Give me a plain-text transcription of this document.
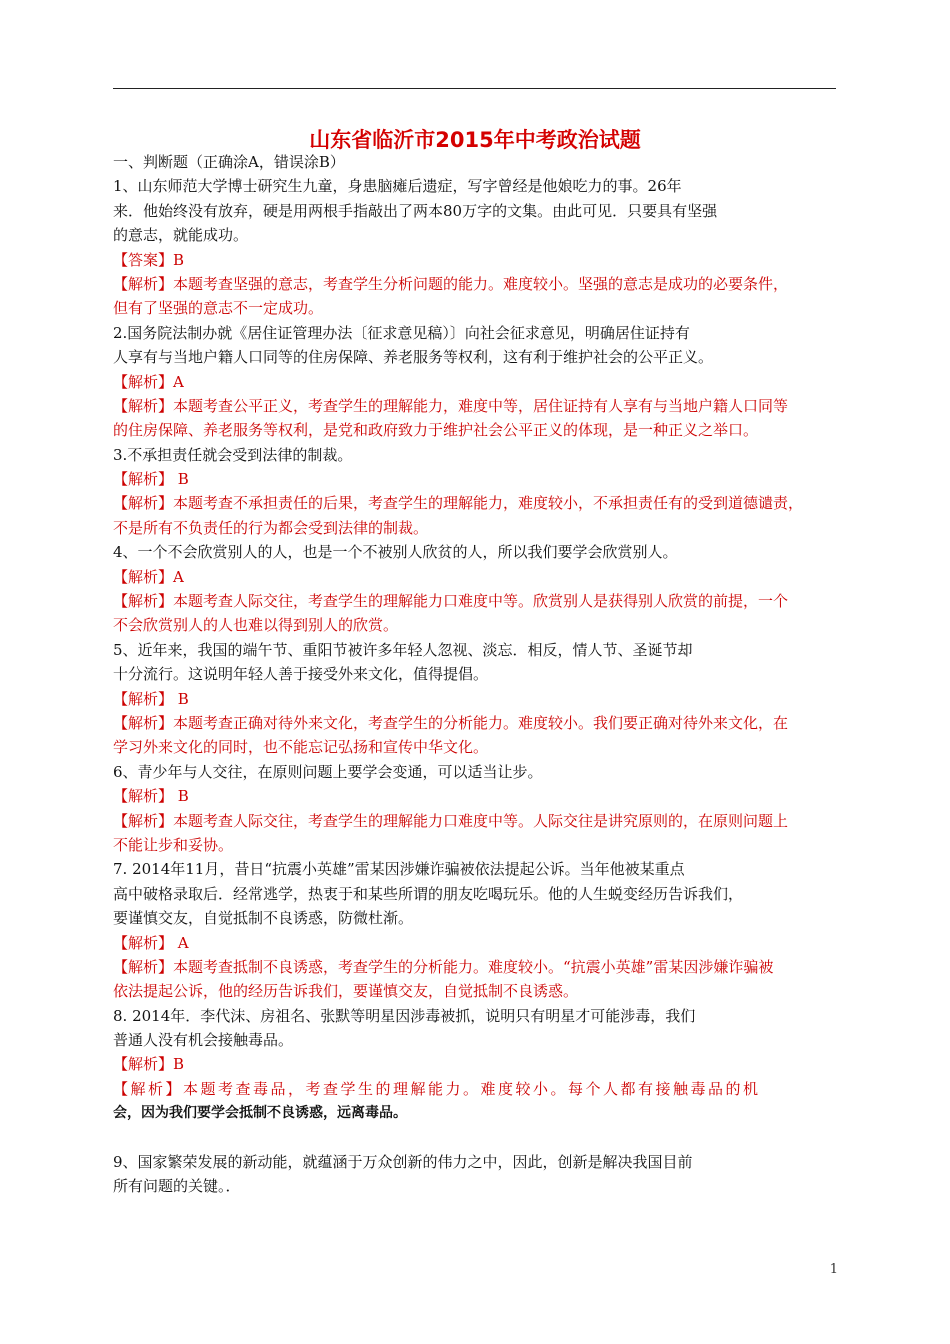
山东省临沂市2015年中考政治试题
一、判断题（正确涂A，错误涂B）
1、山东师范大学博士研究生九童，身患脑瘫后遗症，写字曾经是他娘吃力的事。26年
来．他始终没有放弃，硬是用两根手指敲出了两本80万字的文集。由此可见．只要具有坚强
的意志，就能成功。
【答案】B
【解析】本题考查坚强的意志，考查学生分析问题的能力。难度较小。坚强的意志是成功的必要条件，
但有了坚强的意志不一定成功。
2.国务院法制办就《居住证管理办法〔征求意见稿）〕向社会征求意见，明确居住证持有
人享有与当地户籍人口同等的住房保障、养老服务等权利，这有利于维护社会的公平正义。
【解析】A
【解析】本题考查公平正义，考查学生的理解能力，难度中等，居住证持有人享有与当地户籍人口同等
的住房保障、养老服务等权利，是党和政府致力于维护社会公平正义的体现，是一种正义之举口。
3.不承担责任就会受到法律的制裁。
【解析】 B
【解析】本题考查不承担责任的后果，考查学生的理解能力，难度较小，不承担责任有的受到道德谴责，
不是所有不负责任的行为都会受到法律的制裁。
4、一个不会欣赏别人的人，也是一个不被别人欣贫的人，所以我们要学会欣赏别人。
【解析】A
【解析】本题考查人际交往，考查学生的理解能力口难度中等。欣赏别人是获得别人欣赏的前提，一个
不会欣赏别人的人也难以得到别人的欣赏。
5、近年来，我国的端午节、重阳节被许多年轻人忽视、淡忘．相反，情人节、圣诞节却
十分流行。这说明年轻人善于接受外来文化，值得提倡。
【解析】 B
【解析】本题考查正确对待外来文化，考查学生的分析能力。难度较小。我们要正确对待外来文化，在
学习外来文化的同时，也不能忘记弘扬和宣传中华文化。
6、青少年与人交往，在原则问题上要学会变通，可以适当让步。
【解析】 B
【解析】本题考查人际交往，考查学生的理解能力口难度中等。人际交往是讲究原则的，在原则问题上
不能让步和妥协。
7. 2014年11月，昔日“抗震小英雄”雷某因涉嫌诈骗被依法提起公诉。当年他被某重点
高中破格录取后．经常逃学，热衷于和某些所谓的朋友吃喝玩乐。他的人生蜕变经历告诉我们，
要谨慎交友，自觉抵制不良诱惑，防微杜渐。
【解析】 A
【解析】本题考查抵制不良诱惑，考查学生的分析能力。难度较小。“抗震小英雄”雷某因涉嫌诈骗被
依法提起公诉，他的经历告诉我们，要谨慎交友，自觉抵制不良诱惑。
8. 2014年．李代沫、房祖名、张默等明星因涉毒被抓，说明只有明星才可能涉毒，我们
普通人没有机会接触毒品。
【解析】B
【解析】本题考查毒品，考查学生的理解能力。难度较小。每个人都有接触毒品的机
会，因为我们要学会抵制不良诱惑，远离毒品。
9、国家繁荣发展的新动能，就蕴涵于万众创新的伟力之中，因此，创新是解决我国目前
所有问题的关键。．
1
